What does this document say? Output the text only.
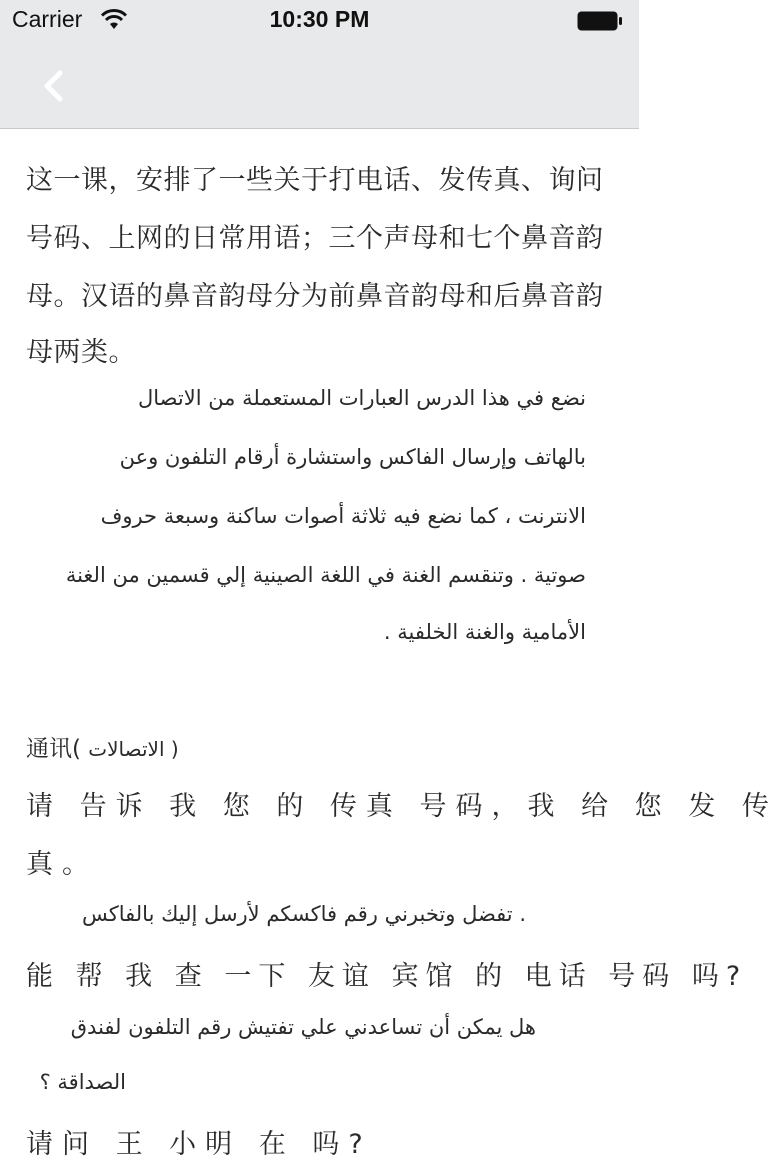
Carrier	10:30 PM
这一课，安排了一些关于打电话、发传真、询问
号码、上网的日常用语；三个声母和七个鼻音韵
母。汉语的鼻音韵母分为前鼻音韵母和后鼻音韵
母两类。
نضع في هذا الدرس العبارات المستعملة من الاتصال
بالهاتف وإرسال الفاكس واستشارة أرقام التلفون وعن
الانترنت ، كما نضع فيه ثلاثة أصوات ساكنة وسبعة حروف
صوتية . وتنقسم الغنة في اللغة الصينية إلي قسمين من الغنة
الأمامية والغنة الخلفية .
通讯( الاتصالات )
请 告诉 我 您 的 传真 号码，我 给 您 发 传
真。
. تفضل وتخبرني رقم فاكسكم لأرسل إليك بالفاكس
能 帮 我 查 一下 友谊 宾馆 的 电话 号码 吗?
هل يمكن أن تساعدني علي تفتيش رقم التلفون لفندق
الصداقة ؟
请问 王 小明 在 吗?
